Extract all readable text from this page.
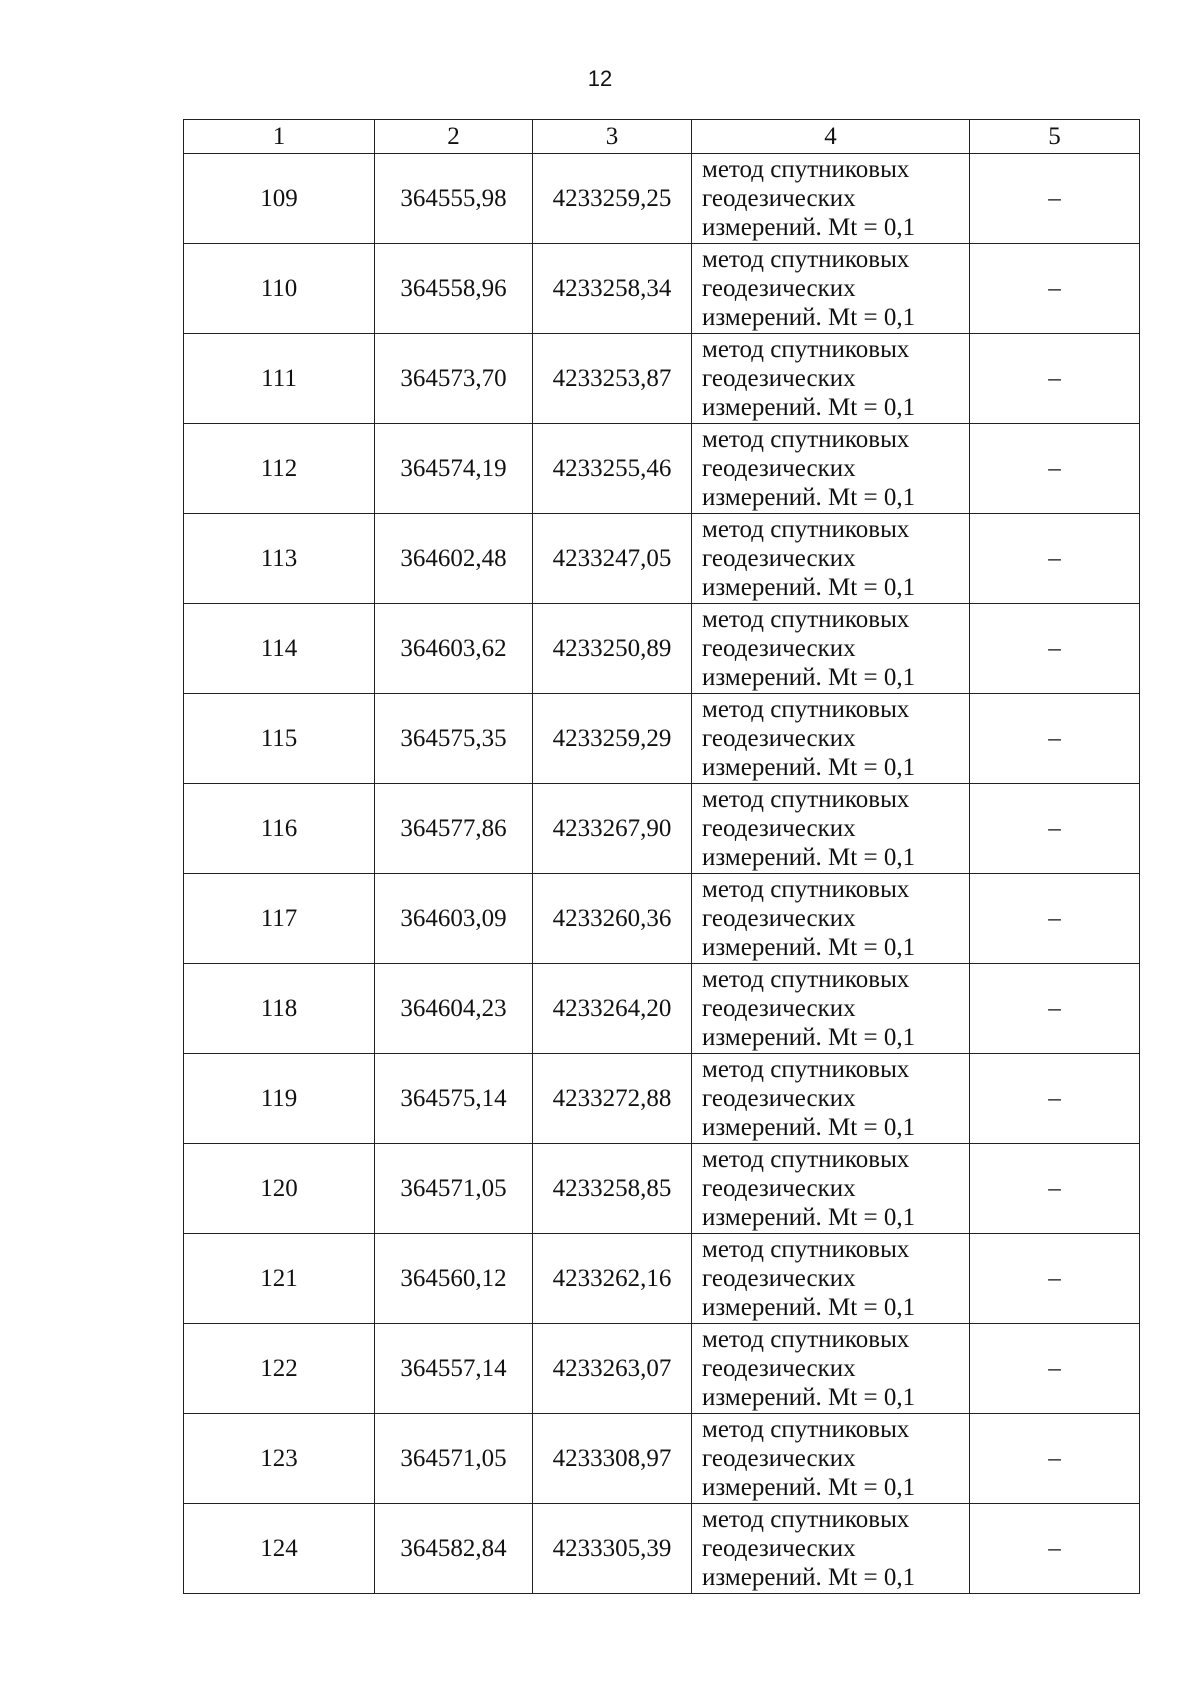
12
1	2	3	4	5
109	364555,98	4233259,25	метод спутниковых
геодезических
измерений. Mt = 0,1	–
110	364558,96	4233258,34	метод спутниковых
геодезических
измерений. Mt = 0,1	–
111	364573,70	4233253,87	метод спутниковых
геодезических
измерений. Mt = 0,1	–
112	364574,19	4233255,46	метод спутниковых
геодезических
измерений. Mt = 0,1	–
113	364602,48	4233247,05	метод спутниковых
геодезических
измерений. Mt = 0,1	–
114	364603,62	4233250,89	метод спутниковых
геодезических
измерений. Mt = 0,1	–
115	364575,35	4233259,29	метод спутниковых
геодезических
измерений. Mt = 0,1	–
116	364577,86	4233267,90	метод спутниковых
геодезических
измерений. Mt = 0,1	–
117	364603,09	4233260,36	метод спутниковых
геодезических
измерений. Mt = 0,1	–
118	364604,23	4233264,20	метод спутниковых
геодезических
измерений. Mt = 0,1	–
119	364575,14	4233272,88	метод спутниковых
геодезических
измерений. Mt = 0,1	–
120	364571,05	4233258,85	метод спутниковых
геодезических
измерений. Mt = 0,1	–
121	364560,12	4233262,16	метод спутниковых
геодезических
измерений. Mt = 0,1	–
122	364557,14	4233263,07	метод спутниковых
геодезических
измерений. Mt = 0,1	–
123	364571,05	4233308,97	метод спутниковых
геодезических
измерений. Mt = 0,1	–
124	364582,84	4233305,39	метод спутниковых
геодезических
измерений. Mt = 0,1	–
